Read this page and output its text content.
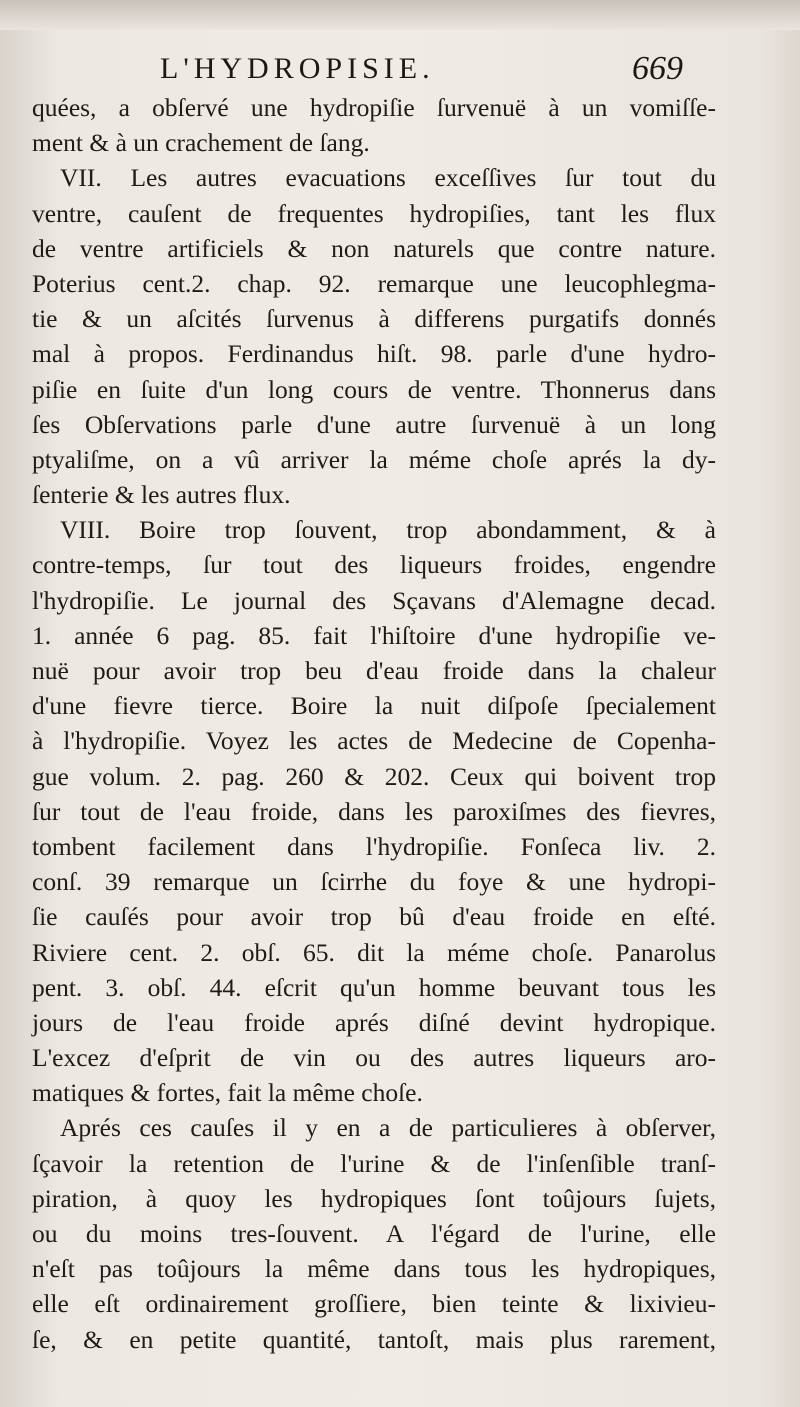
L'HYDROPISIE.	669
quées, a obſervé une hydropiſie ſurvenuë à un vomiſſe-
ment & à un crachement de ſang.
VII. Les autres evacuations exceſſives ſur tout du
ventre, cauſent de frequentes hydropiſies, tant les flux
de ventre artificiels & non naturels que contre nature.
Poterius cent.2. chap. 92. remarque une leucophlegma-
tie & un aſcités ſurvenus à differens purgatifs donnés
mal à propos. Ferdinandus hiſt. 98. parle d'une hydro-
piſie en ſuite d'un long cours de ventre. Thonnerus dans
ſes Obſervations parle d'une autre ſurvenuë à un long
ptyaliſme, on a vû arriver la méme choſe aprés la dy-
ſenterie & les autres flux.
VIII. Boire trop ſouvent, trop abondamment, & à
contre-temps, ſur tout des liqueurs froides, engendre
l'hydropiſie. Le journal des Sçavans d'Alemagne decad.
1. année 6 pag. 85. fait l'hiſtoire d'une hydropiſie ve-
nuë pour avoir trop beu d'eau froide dans la chaleur
d'une fievre tierce. Boire la nuit diſpoſe ſpecialement
à l'hydropiſie. Voyez les actes de Medecine de Copenha-
gue volum. 2. pag. 260 & 202. Ceux qui boivent trop
ſur tout de l'eau froide, dans les paroxiſmes des fievres,
tombent facilement dans l'hydropiſie. Fonſeca liv. 2.
conſ. 39 remarque un ſcirrhe du foye & une hydropi-
ſie cauſés pour avoir trop bû d'eau froide en eſté.
Riviere cent. 2. obſ. 65. dit la méme choſe. Panarolus
pent. 3. obſ. 44. eſcrit qu'un homme beuvant tous les
jours de l'eau froide aprés diſné devint hydropique.
L'excez d'eſprit de vin ou des autres liqueurs aro-
matiques & fortes, fait la même choſe.
Aprés ces cauſes il y en a de particulieres à obſerver,
ſçavoir la retention de l'urine & de l'inſenſible tranſ-
piration, à quoy les hydropiques ſont toûjours ſujets,
ou du moins tres-ſouvent. A l'égard de l'urine, elle
n'eſt pas toûjours la même dans tous les hydropiques,
elle eſt ordinairement groſſiere, bien teinte & lixivieu-
ſe, & en petite quantité, tantoſt, mais plus rarement,
